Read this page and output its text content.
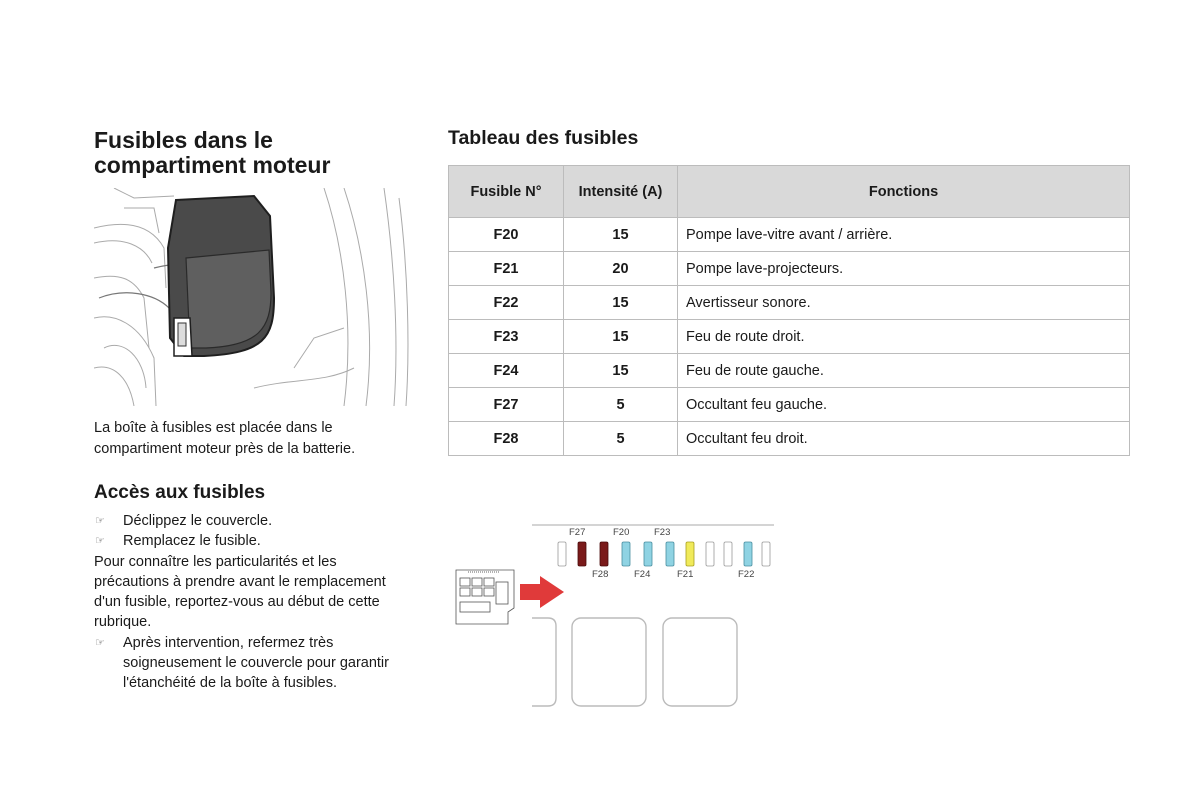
Fusibles dans le compartiment moteur
La boîte à fusibles est placée dans le compartiment moteur près de la batterie.
Accès aux fusibles
☞ Déclippez le couvercle.
☞ Remplacez le fusible.
Pour connaître les particularités et les précautions à prendre avant le remplacement d'un fusible, reportez-vous au début de cette rubrique.
☞ Après intervention, refermez très soigneusement le couvercle pour garantir l'étanchéité de la boîte à fusibles.
Tableau des fusibles
Fusible N°	Intensité (A)	Fonctions
F20	15	Pompe lave-vitre avant / arrière.
F21	20	Pompe lave-projecteurs.
F22	15	Avertisseur sonore.
F23	15	Feu de route droit.
F24	15	Feu de route gauche.
F27	5	Occultant feu gauche.
F28	5	Occultant feu droit.
F27	F20	F23
F28	F24	F21	F22
